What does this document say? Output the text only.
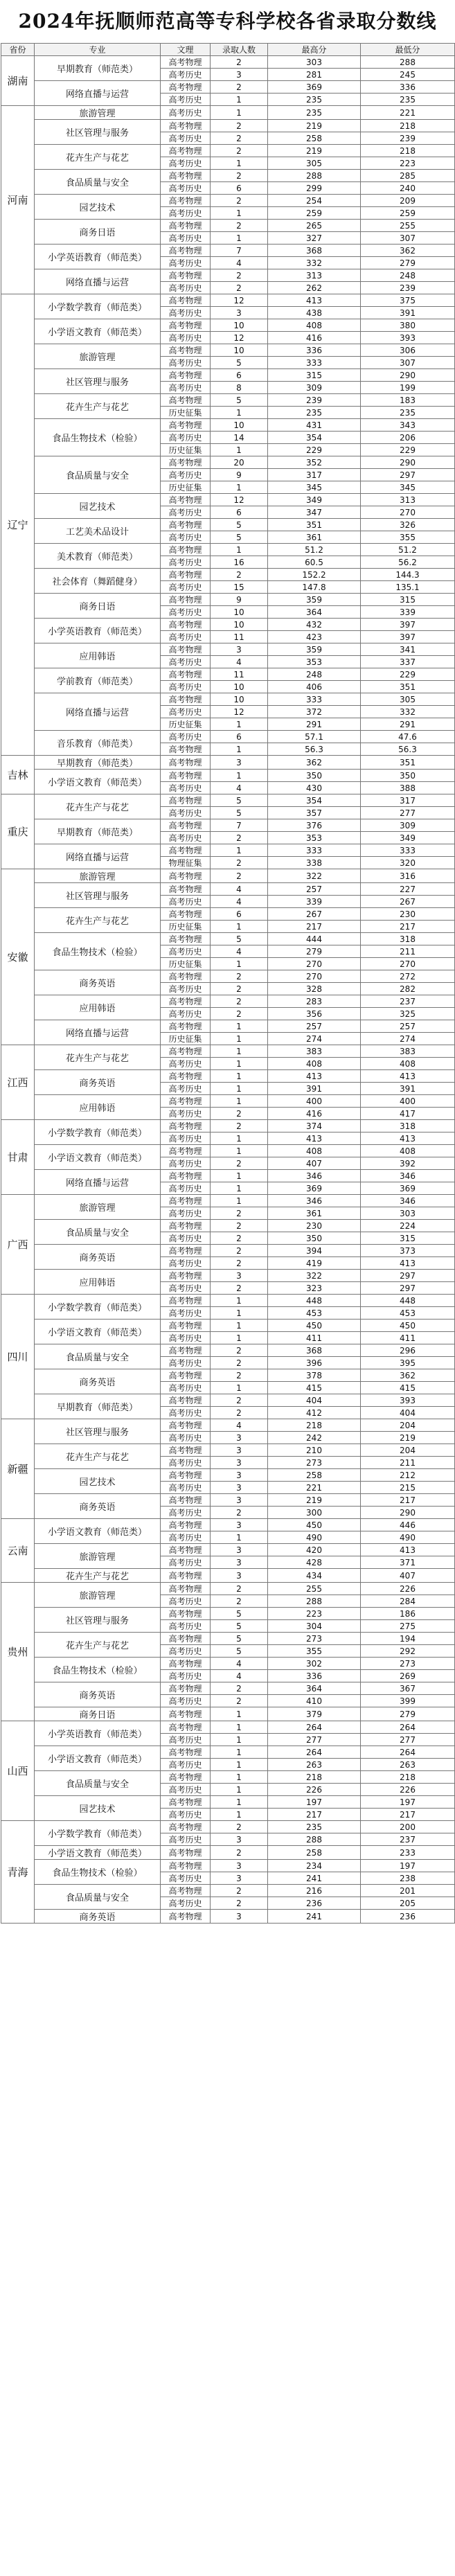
2024年抚顺师范高等专科学校各省录取分数线
省份	专业	文理	录取人数	最高分	最低分
湖南	早期教育（师范类）	高考物理	2	303	288
		高考历史	3	281	245
	网络直播与运营	高考物理	2	369	336
		高考历史	1	235	235
河南	旅游管理	高考历史	1	235	221
	社区管理与服务	高考物理	2	219	218
		高考历史	2	258	239
	花卉生产与花艺	高考物理	2	219	218
		高考历史	1	305	223
	食品质量与安全	高考物理	2	288	285
		高考历史	6	299	240
	园艺技术	高考物理	2	254	209
		高考历史	1	259	259
	商务日语	高考物理	2	265	255
		高考历史	1	327	307
	小学英语教育（师范类）	高考物理	7	368	362
		高考历史	4	332	279
	网络直播与运营	高考物理	2	313	248
		高考历史	2	262	239
辽宁	小学数学教育（师范类）	高考物理	12	413	375
		高考历史	3	438	391
	小学语文教育（师范类）	高考物理	10	408	380
		高考历史	12	416	393
	旅游管理	高考物理	10	336	306
		高考历史	5	333	307
	社区管理与服务	高考物理	6	315	290
		高考历史	8	309	199
	花卉生产与花艺	高考物理	5	239	183
		历史征集	1	235	235
	食品生物技术（检验）	高考物理	10	431	343
		高考历史	14	354	206
		历史征集	1	229	229
	食品质量与安全	高考物理	20	352	290
		高考历史	9	317	297
		历史征集	1	345	345
	园艺技术	高考物理	12	349	313
		高考历史	6	347	270
	工艺美术品设计	高考物理	5	351	326
		高考历史	5	361	355
	美术教育（师范类）	高考物理	1	51.2	51.2
		高考历史	16	60.5	56.2
	社会体育（舞蹈健身）	高考物理	2	152.2	144.3
		高考历史	15	147.8	135.1
	商务日语	高考物理	9	359	315
		高考历史	10	364	339
	小学英语教育（师范类）	高考物理	10	432	397
		高考历史	11	423	397
	应用韩语	高考物理	3	359	341
		高考历史	4	353	337
	学前教育（师范类）	高考物理	11	248	229
		高考历史	10	406	351
	网络直播与运营	高考物理	10	333	305
		高考历史	12	372	332
		历史征集	1	291	291
	音乐教育（师范类）	高考历史	6	57.1	47.6
		高考物理	1	56.3	56.3
吉林	早期教育（师范类）	高考物理	3	362	351
	小学语文教育（师范类）	高考物理	1	350	350
		高考历史	4	430	388
重庆	花卉生产与花艺	高考物理	5	354	317
		高考历史	5	357	277
	早期教育（师范类）	高考物理	7	376	309
		高考历史	2	353	349
	网络直播与运营	高考物理	1	333	333
		物理征集	2	338	320
安徽	旅游管理	高考物理	2	322	316
	社区管理与服务	高考物理	4	257	227
		高考历史	4	339	267
	花卉生产与花艺	高考物理	6	267	230
		历史征集	1	217	217
	食品生物技术（检验）	高考物理	5	444	318
		高考历史	4	279	211
		历史征集	1	270	270
	商务英语	高考物理	2	270	272
		高考历史	2	328	282
	应用韩语	高考物理	2	283	237
		高考历史	2	356	325
	网络直播与运营	高考物理	1	257	257
		历史征集	1	274	274
江西	花卉生产与花艺	高考物理	1	383	383
		高考历史	1	408	408
	商务英语	高考物理	1	413	413
		高考历史	1	391	391
	应用韩语	高考物理	1	400	400
		高考历史	2	416	417
甘肃	小学数学教育（师范类）	高考物理	2	374	318
		高考历史	1	413	413
	小学语文教育（师范类）	高考物理	1	408	408
		高考历史	2	407	392
	网络直播与运营	高考物理	1	346	346
		高考历史	1	369	369
广西	旅游管理	高考物理	1	346	346
		高考历史	2	361	303
	食品质量与安全	高考物理	2	230	224
		高考历史	2	350	315
	商务英语	高考物理	2	394	373
		高考历史	2	419	413
	应用韩语	高考物理	3	322	297
		高考历史	2	323	297
四川	小学数学教育（师范类）	高考物理	1	448	448
		高考历史	1	453	453
	小学语文教育（师范类）	高考物理	1	450	450
		高考历史	1	411	411
	食品质量与安全	高考物理	2	368	296
		高考历史	2	396	395
	商务英语	高考物理	2	378	362
		高考历史	1	415	415
	早期教育（师范类）	高考物理	2	404	393
		高考历史	2	412	404
新疆	社区管理与服务	高考物理	4	218	204
		高考历史	3	242	219
	花卉生产与花艺	高考物理	3	210	204
		高考历史	3	273	211
	园艺技术	高考物理	3	258	212
		高考历史	3	221	215
	商务英语	高考物理	3	219	217
		高考历史	2	300	290
云南	小学语文教育（师范类）	高考物理	3	450	446
		高考历史	1	490	490
	旅游管理	高考物理	3	420	413
		高考历史	3	428	371
	花卉生产与花艺	高考物理	3	434	407
贵州	旅游管理	高考物理	2	255	226
		高考历史	2	288	284
	社区管理与服务	高考物理	5	223	186
		高考历史	5	304	275
	花卉生产与花艺	高考物理	5	273	194
		高考历史	5	355	292
	食品生物技术（检验）	高考物理	4	302	273
		高考历史	4	336	269
	商务英语	高考物理	2	364	367
		高考历史	2	410	399
	商务日语	高考物理	1	379	279
山西	小学英语教育（师范类）	高考物理	1	264	264
		高考历史	1	277	277
	小学语文教育（师范类）	高考物理	1	264	264
		高考历史	1	263	263
	食品质量与安全	高考物理	1	218	218
		高考历史	1	226	226
	园艺技术	高考物理	1	197	197
		高考历史	1	217	217
青海	小学数学教育（师范类）	高考物理	2	235	200
		高考历史	3	288	237
	小学语文教育（师范类）	高考物理	2	258	233
	食品生物技术（检验）	高考物理	3	234	197
		高考历史	3	241	238
	食品质量与安全	高考物理	2	216	201
		高考历史	2	236	205
	商务英语	高考物理	3	241	236
